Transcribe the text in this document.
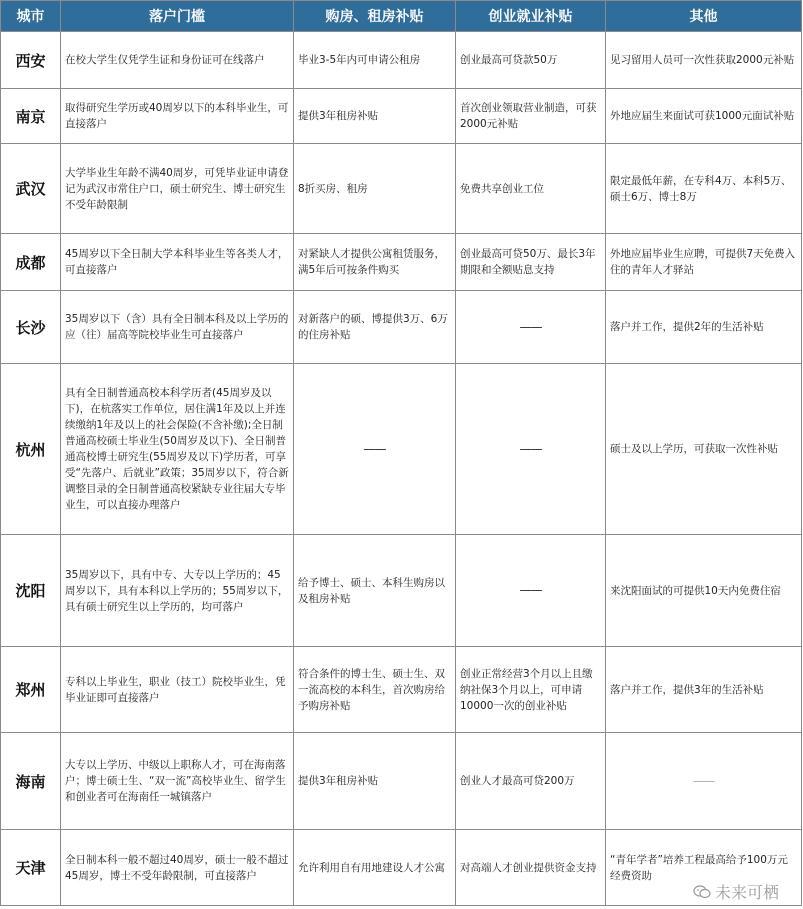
城市	落户门槛	购房、租房补贴	创业就业补贴	其他
西安	在校大学生仅凭学生证和身份证可在线落户	毕业3-5年内可申请公租房	创业最高可贷款50万	见习留用人员可一次性获取2000元补贴
南京	取得研究生学历或40周岁以下的本科毕业生，可直接落户	提供3年租房补贴	首次创业领取营业制造，可获2000元补贴	外地应届生来面试可获1000元面试补贴
武汉	大学毕业生年龄不满40周岁，可凭毕业证申请登记为武汉市常住户口，硕士研究生、博士研究生不受年龄限制	8折买房、租房	免费共享创业工位	限定最低年薪，在专科4万、本科5万、硕士6万、博士8万
成都	45周岁以下全日制大学本科毕业生等各类人才，可直接落户	对紧缺人才提供公寓租赁服务，满5年后可按条件购买	创业最高可贷50万、最长3年期限和全额贴息支持	外地应届毕业生应聘，可提供7天免费入住的青年人才驿站
长沙	35周岁以下（含）具有全日制本科及以上学历的应（往）届高等院校毕业生可直接落户	对新落户的硕、博提供3万、6万的住房补贴	——	落户并工作，提供2年的生活补贴
杭州	具有全日制普通高校本科学历者(45周岁及以下)，在杭落实工作单位，居住满1年及以上并连续缴纳1年及以上的社会保险(不含补缴);全日制普通高校硕士毕业生(50周岁及以下)、全日制普通高校博士研究生(55周岁及以下)学历者，可享受“先落户、后就业”政策；35周岁以下，符合新调整目录的全日制普通高校紧缺专业往届大专毕业生，可以直接办理落户	——	——	硕士及以上学历，可获取一次性补贴
沈阳	35周岁以下，具有中专、大专以上学历的；45周岁以下，具有本科以上学历的；55周岁以下，具有硕士研究生以上学历的，均可落户	给予博士、硕士、本科生购房以及租房补贴	——	来沈阳面试的可提供10天内免费住宿
郑州	专科以上毕业生，职业（技工）院校毕业生，凭毕业证即可直接落户	符合条件的博士生、硕士生、双一流高校的本科生，首次购房给予购房补贴	创业正常经营3个月以上且缴纳社保3个月以上，可申请10000一次的创业补贴	落户并工作，提供3年的生活补贴
海南	大专以上学历、中级以上职称人才，可在海南落户；博士硕士生、“双一流”高校毕业生、留学生和创业者可在海南任一城镇落户	提供3年租房补贴	创业人才最高可贷200万	——
天津	全日制本科一般不超过40周岁，硕士一般不超过45周岁，博士不受年龄限制，可直接落户	允许利用自有用地建设人才公寓	对高端人才创业提供资金支持	“青年学者”培养工程最高给予100万元经费资助
未来可栖
